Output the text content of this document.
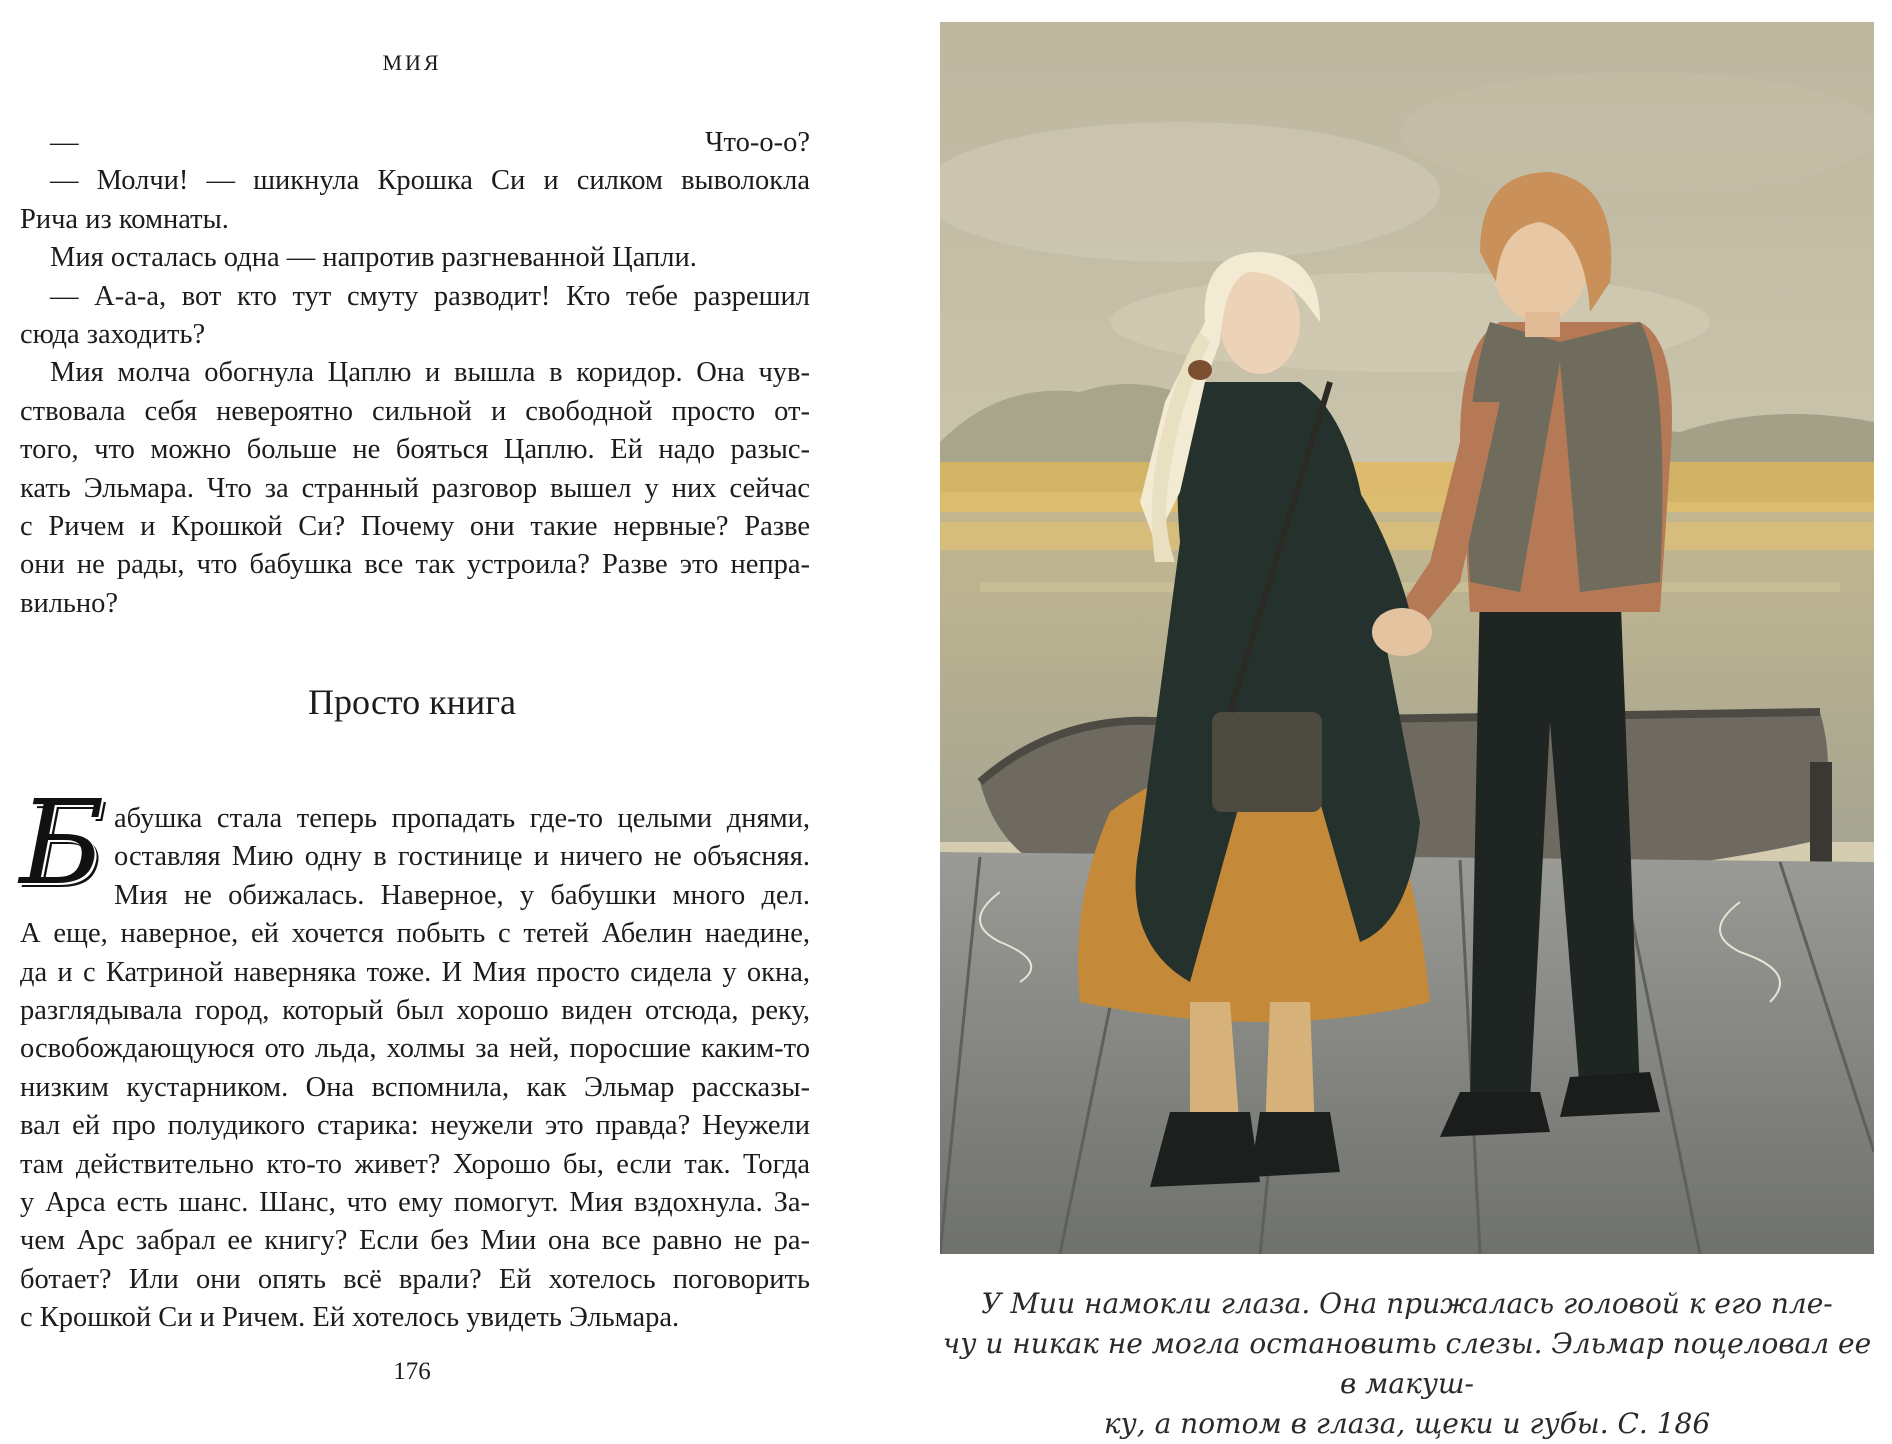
МИЯ
— Что-о-о?
— Молчи! — шикнула Крошка Си и силком выволокла
Рича из комнаты.
Мия осталась одна — напротив разгневанной Цапли.
— А-а-а, вот кто тут смуту разводит! Кто тебе разрешил
сюда заходить?
Мия молча обогнула Цаплю и вышла в коридор. Она чув-
ствовала себя невероятно сильной и свободной просто от-
того, что можно больше не бояться Цаплю. Ей надо разыс-
кать Эльмара. Что за странный разговор вышел у них сейчас
с Ричем и Крошкой Си? Почему они такие нервные? Разве
они не рады, что бабушка все так устроила? Разве это непра-
вильно?
Просто книга
Б абушка стала теперь пропадать где-то целыми днями,
оставляя Мию одну в гостинице и ничего не объясняя.
Мия не обижалась. Наверное, у бабушки много дел.
А еще, наверное, ей хочется побыть с тетей Абелин наедине,
да и с Катриной наверняка тоже. И Мия просто сидела у окна,
разглядывала город, который был хорошо виден отсюда, реку,
освобождающуюся ото льда, холмы за ней, поросшие каким-то
низким кустарником. Она вспомнила, как Эльмар рассказы-
вал ей про полудикого старика: неужели это правда? Неужели
там действительно кто-то живет? Хорошо бы, если так. Тогда
у Арса есть шанс. Шанс, что ему помогут. Мия вздохнула. За-
чем Арс забрал ее книгу? Если без Мии она все равно не ра-
ботает? Или они опять всё врали? Ей хотелось поговорить
с Крошкой Си и Ричем. Ей хотелось увидеть Эльмара.
176
У Мии намокли глаза. Она прижалась головой к его пле-
чу и никак не могла остановить слезы. Эльмар поцеловал ее в макуш-
ку, а потом в глаза, щеки и губы. С. 186
